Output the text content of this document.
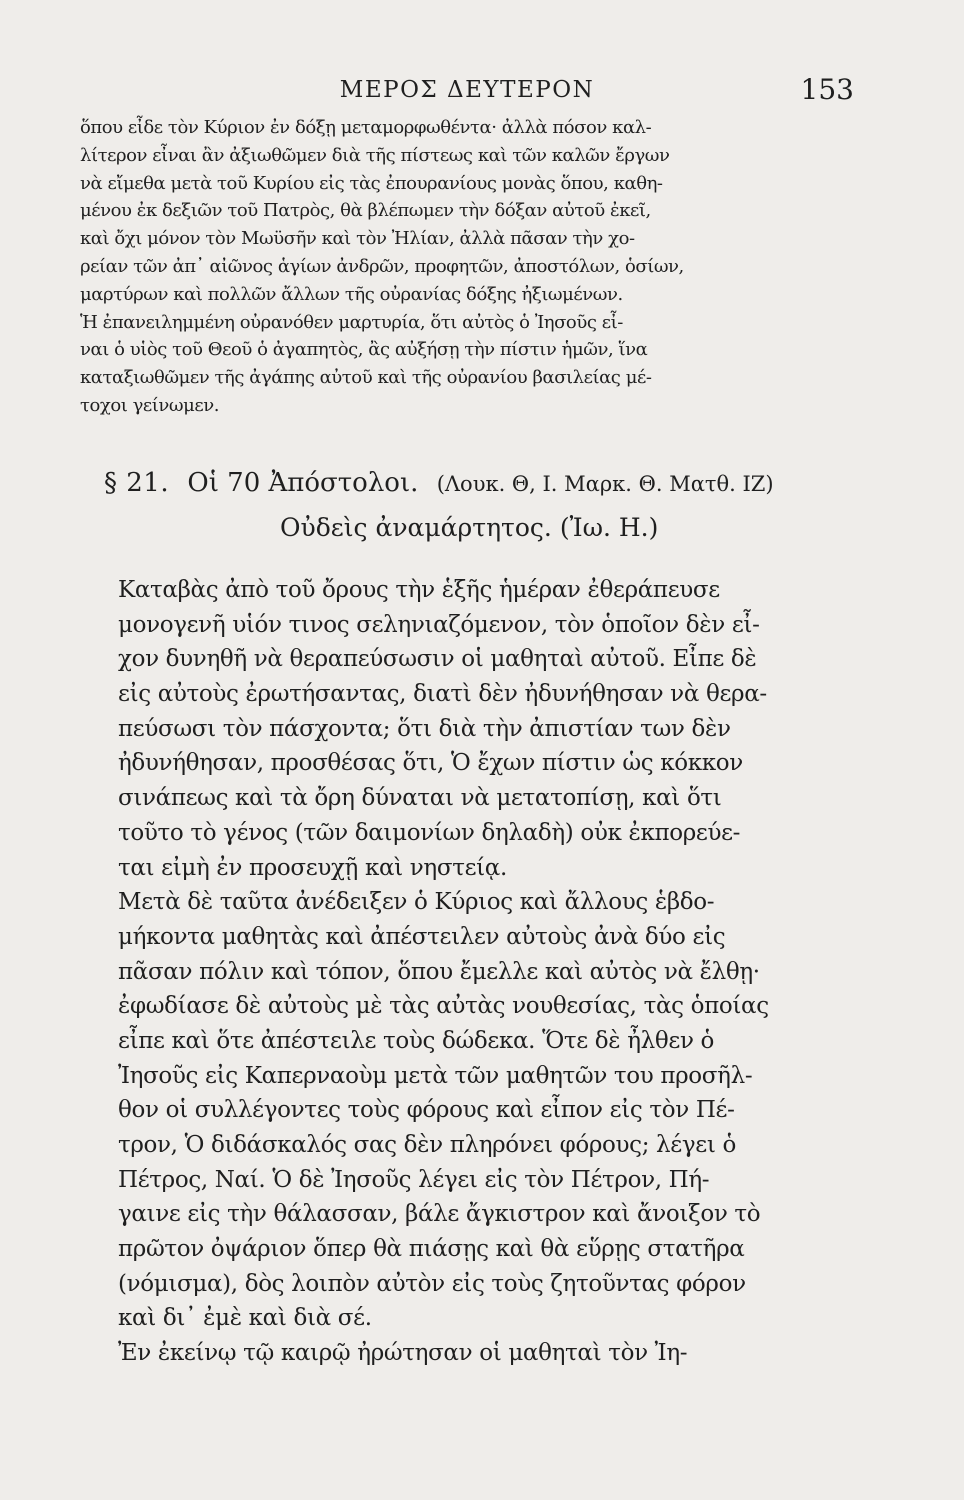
ΜΕΡΟΣ ΔΕΥΤΕΡΟΝ	153
ὅπου εἶδε τὸν Κύριον ἐν δόξῃ μεταμορφωθέντα· ἀλλὰ πόσον καλ-
λίτερον εἶναι ἂν ἀξιωθῶμεν διὰ τῆς πίστεως καὶ τῶν καλῶν ἔργων
νὰ εἴμεθα μετὰ τοῦ Κυρίου εἰς τὰς ἐπουρανίους μονὰς ὅπου, καθη-
μένου ἐκ δεξιῶν τοῦ Πατρὸς, θὰ βλέπωμεν τὴν δόξαν αὐτοῦ ἐκεῖ,
καὶ ὄχι μόνον τὸν Μωϋσῆν καὶ τὸν Ἠλίαν, ἀλλὰ πᾶσαν τὴν χο-
ρείαν τῶν ἀπ᾽ αἰῶνος ἁγίων ἀνδρῶν, προφητῶν, ἀποστόλων, ὁσίων,
μαρτύρων καὶ πολλῶν ἄλλων τῆς οὐρανίας δόξης ἠξιωμένων.
Ἡ ἐπανειλημμένη οὐρανόθεν μαρτυρία, ὅτι αὐτὸς ὁ Ἰησοῦς εἶ-
ναι ὁ υἱὸς τοῦ Θεοῦ ὁ ἀγαπητὸς, ἂς αὐξήσῃ τὴν πίστιν ἡμῶν, ἵνα
καταξιωθῶμεν τῆς ἀγάπης αὐτοῦ καὶ τῆς οὐρανίου βασιλείας μέ-
τοχοι γείνωμεν.
§ 21. Οἱ 70 Ἀπόστολοι. (Λουκ. Θ, Ι. Μαρκ. Θ. Ματθ. ΙΖ)
Οὐδεὶς ἀναμάρτητος. (Ἰω. Η.)
Καταβὰς ἀπὸ τοῦ ὄρους τὴν ἑξῆς ἡμέραν ἐθεράπευσε
μονογενῆ υἱόν τινος σεληνιαζόμενον, τὸν ὁποῖον δὲν εἶ-
χον δυνηθῆ νὰ θεραπεύσωσιν οἱ μαθηταὶ αὐτοῦ. Εἶπε δὲ
εἰς αὐτοὺς ἐρωτήσαντας, διατὶ δὲν ἠδυνήθησαν νὰ θερα-
πεύσωσι τὸν πάσχοντα; ὅτι διὰ τὴν ἀπιστίαν των δὲν
ἠδυνήθησαν, προσθέσας ὅτι, Ὁ ἔχων πίστιν ὡς κόκκον
σινάπεως καὶ τὰ ὄρη δύναται νὰ μετατοπίσῃ, καὶ ὅτι
τοῦτο τὸ γένος (τῶν δαιμονίων δηλαδὴ) οὐκ ἐκπορεύε-
ται εἰμὴ ἐν προσευχῇ καὶ νηστείᾳ.
Μετὰ δὲ ταῦτα ἀνέδειξεν ὁ Κύριος καὶ ἄλλους ἑβδο-
μήκοντα μαθητὰς καὶ ἀπέστειλεν αὐτοὺς ἀνὰ δύο εἰς
πᾶσαν πόλιν καὶ τόπον, ὅπου ἔμελλε καὶ αὐτὸς νὰ ἔλθῃ·
ἐφωδίασε δὲ αὐτοὺς μὲ τὰς αὐτὰς νουθεσίας, τὰς ὁποίας
εἶπε καὶ ὅτε ἀπέστειλε τοὺς δώδεκα. Ὅτε δὲ ἦλθεν ὁ
Ἰησοῦς εἰς Καπερναοὺμ μετὰ τῶν μαθητῶν του προσῆλ-
θον οἱ συλλέγοντες τοὺς φόρους καὶ εἶπον εἰς τὸν Πέ-
τρον, Ὁ διδάσκαλός σας δὲν πληρόνει φόρους; λέγει ὁ
Πέτρος, Ναί. Ὁ δὲ Ἰησοῦς λέγει εἰς τὸν Πέτρον, Πή-
γαινε εἰς τὴν θάλασσαν, βάλε ἄγκιστρον καὶ ἄνοιξον τὸ
πρῶτον ὀψάριον ὅπερ θὰ πιάσῃς καὶ θὰ εὕρῃς στατῆρα
(νόμισμα), δὸς λοιπὸν αὐτὸν εἰς τοὺς ζητοῦντας φόρον
καὶ δι᾽ ἐμὲ καὶ διὰ σέ.
Ἐν ἐκείνῳ τῷ καιρῷ ἠρώτησαν οἱ μαθηταὶ τὸν Ἰη-
